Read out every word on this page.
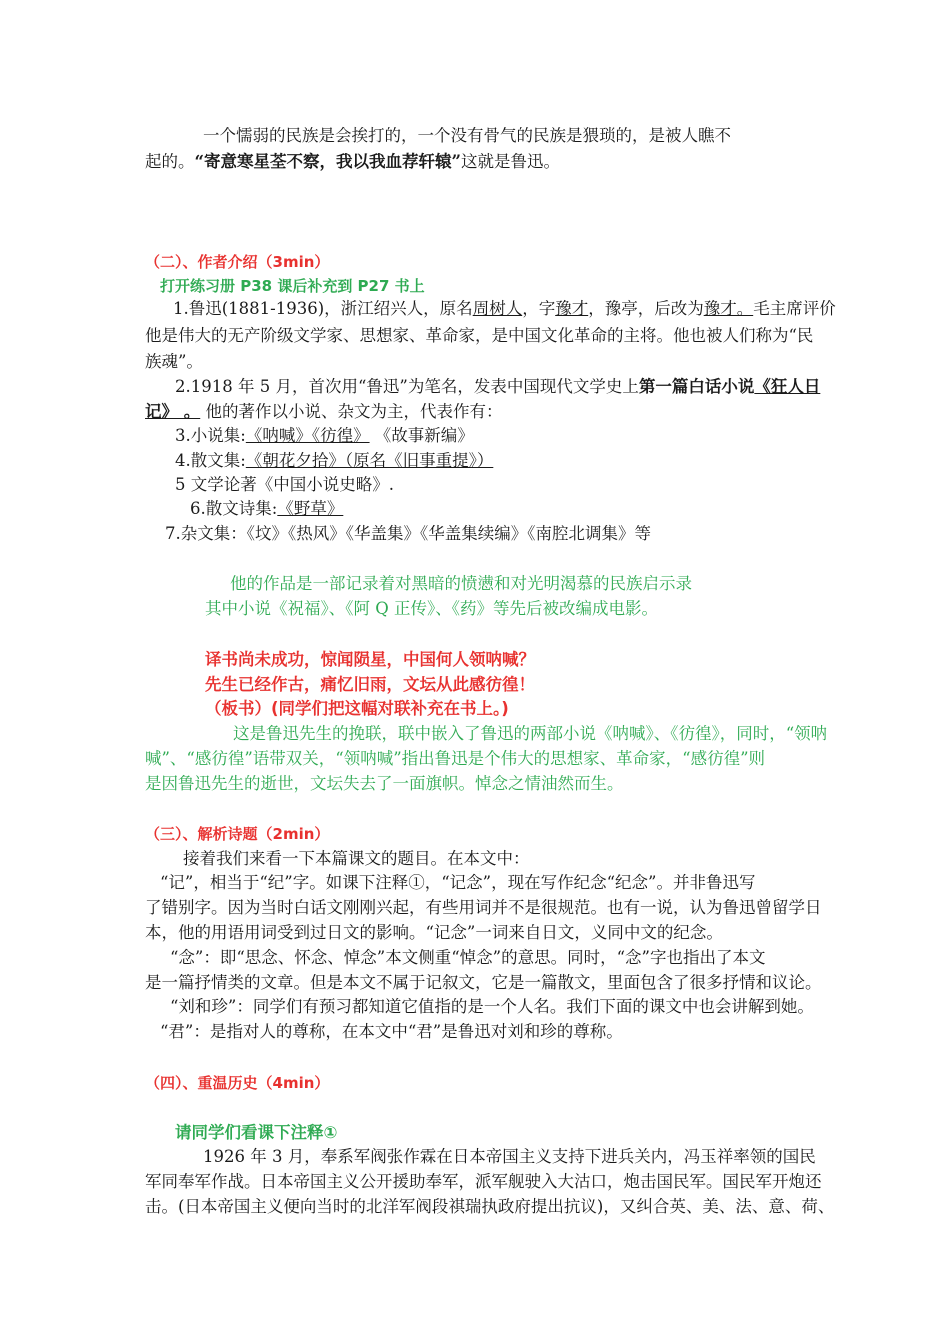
一个懦弱的民族是会挨打的，一个没有骨气的民族是猥琐的，是被人瞧不
起的。“寄意寒星荃不察，我以我血荐轩辕”这就是鲁迅。
（二）、作者介绍（3min）
打开练习册 P38 课后补充到 P27 书上
1.鲁迅(1881-1936)，浙江绍兴人，原名周树人，字豫才，豫亭，后改为豫才。毛主席评价
他是伟大的无产阶级文学家、思想家、革命家，是中国文化革命的主将。他也被人们称为“民
族魂”。
2.1918 年 5 月，首次用“鲁迅”为笔名，发表中国现代文学史上第一篇白话小说《狂人日
记》 。 他的著作以小说、杂文为主，代表作有：
3.小说集:《呐喊》《彷徨》 《故事新编》
4.散文集:《朝花夕拾》（原名《旧事重提》）
5 文学论著《中国小说史略》.
6.散文诗集:《野草》
7.杂文集：《坟》《热风》《华盖集》《华盖集续编》《南腔北调集》等
他的作品是一部记录着对黑暗的愤懑和对光明渴慕的民族启示录
其中小说《祝福》、《阿 Q 正传》、《药》等先后被改编成电影。
译书尚未成功，惊闻陨星，中国何人领呐喊？
先生已经作古，痛忆旧雨，文坛从此感彷徨！
（板书）(同学们把这幅对联补充在书上。)
这是鲁迅先生的挽联，联中嵌入了鲁迅的两部小说《呐喊》、《彷徨》，同时，“领呐
喊”、“感彷徨”语带双关，“领呐喊”指出鲁迅是个伟大的思想家、革命家，“感彷徨”则
是因鲁迅先生的逝世，文坛失去了一面旗帜。悼念之情油然而生。
（三）、解析诗题（2min）
接着我们来看一下本篇课文的题目。在本文中：
“记”，相当于“纪”字。如课下注释①，“记念”，现在写作纪念“纪念”。并非鲁迅写
了错别字。因为当时白话文刚刚兴起，有些用词并不是很规范。也有一说，认为鲁迅曾留学日
本，他的用语用词受到过日文的影响。“记念”一词来自日文，义同中文的纪念。
“念”：即“思念、怀念、悼念”本文侧重“悼念”的意思。同时，“念”字也指出了本文
是一篇抒情类的文章。但是本文不属于记叙文，它是一篇散文，里面包含了很多抒情和议论。
“刘和珍”：同学们有预习都知道它值指的是一个人名。我们下面的课文中也会讲解到她。
“君”：是指对人的尊称，在本文中“君”是鲁迅对刘和珍的尊称。
（四）、重温历史（4min）
请同学们看课下注释①
1926 年 3 月，奉系军阀张作霖在日本帝国主义支持下进兵关内，冯玉祥率领的国民
军同奉军作战。日本帝国主义公开援助奉军，派军舰驶入大沽口，炮击国民军。国民军开炮还
击。(日本帝国主义便向当时的北洋军阀段祺瑞执政府提出抗议)，又纠合英、美、法、意、荷、
